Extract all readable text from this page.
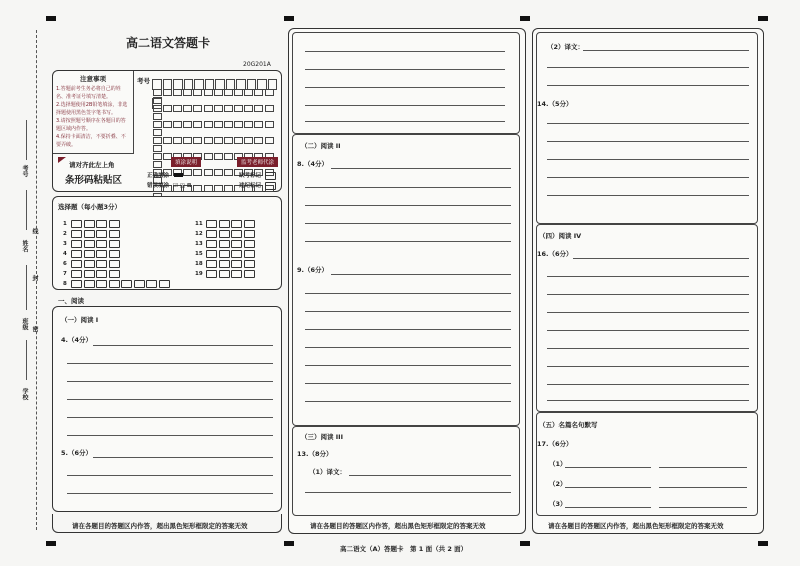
考号
姓名
班级
学校
线
封
密
高二语文答题卡
20G201A
注意事项
1.答题前考生务必将自己的姓名、准考证号填写清楚。
2.选择题使用2B铅笔填涂，非选择题使用黑色签字笔书写。
3.请按照题号顺序在各题目的答题区域内作答。
4.保持卡面清洁，不要折叠、不要弄破。
考号
请对齐此左上角
条形码粘贴区
填涂说明	监考老师代涂
正确填涂
错误填涂 ☑ ◫ ⊠
缺考标记
违纪标记
选择题（每小题3分）
1
2
3
4
6
7
8
11
12
13
15
18
19
一、阅读
（一）阅读 I
4.（4分）
5.（6分）
请在各题目的答题区内作答，超出黑色矩形框限定的答案无效
（二）阅读 II
8.（4分）
9.（6分）
（三）阅读 III
13.（8分）
（1）译文：
请在各题目的答题区内作答，超出黑色矩形框限定的答案无效
（2）译文：
14.（5分）
（四）阅读 IV
16.（6分）
（五）名篇名句默写
17.（6分）
（1）
（2）
（3）
请在各题目的答题区内作答，超出黑色矩形框限定的答案无效
高二语文（A）答题卡　第 1 面（共 2 面）
